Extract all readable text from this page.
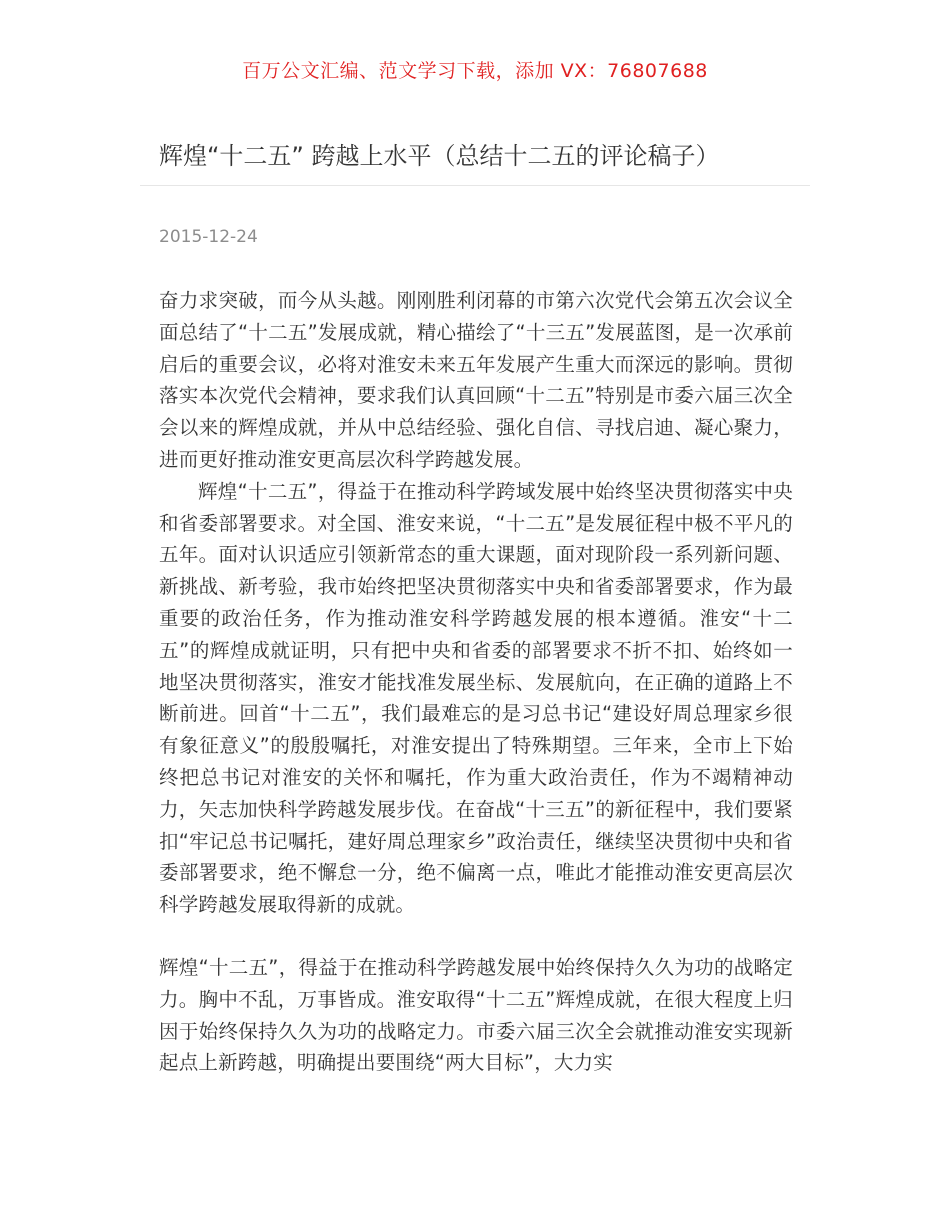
百万公文汇编、范文学习下载，添加 VX：76807688
辉煌“十二五” 跨越上水平（总结十二五的评论稿子）
2015-12-24

奋力求突破，而今从头越。刚刚胜利闭幕的市第六次党代会第五次会议全面总结了“十二五”发展成就，精心描绘了“十三五”发展蓝图，是一次承前启后的重要会议，必将对淮安未来五年发展产生重大而深远的影响。贯彻落实本次党代会精神，要求我们认真回顾“十二五”特别是市委六届三次全会以来的辉煌成就，并从中总结经验、强化自信、寻找启迪、凝心聚力，进而更好推动淮安更高层次科学跨越发展。

辉煌“十二五”，得益于在推动科学跨域发展中始终坚决贯彻落实中央和省委部署要求。对全国、淮安来说，“十二五”是发展征程中极不平凡的五年。面对认识适应引领新常态的重大课题，面对现阶段一系列新问题、新挑战、新考验，我市始终把坚决贯彻落实中央和省委部署要求，作为最重要的政治任务，作为推动淮安科学跨越发展的根本遵循。淮安“十二五”的辉煌成就证明，只有把中央和省委的部署要求不折不扣、始终如一地坚决贯彻落实，淮安才能找准发展坐标、发展航向，在正确的道路上不断前进。回首“十二五”，我们最难忘的是习总书记“建设好周总理家乡很有象征意义”的殷殷嘱托，对淮安提出了特殊期望。三年来，全市上下始终把总书记对淮安的关怀和嘱托，作为重大政治责任，作为不竭精神动力，矢志加快科学跨越发展步伐。在奋战“十三五”的新征程中，我们要紧扣“牢记总书记嘱托，建好周总理家乡”政治责任，继续坚决贯彻中央和省委部署要求，绝不懈怠一分，绝不偏离一点，唯此才能推动淮安更高层次科学跨越发展取得新的成就。

辉煌“十二五”，得益于在推动科学跨越发展中始终保持久久为功的战略定力。胸中不乱，万事皆成。淮安取得“十二五”辉煌成就，在很大程度上归因于始终保持久久为功的战略定力。市委六届三次全会就推动淮安实现新起点上新跨越，明确提出要围绕“两大目标”，大力实
